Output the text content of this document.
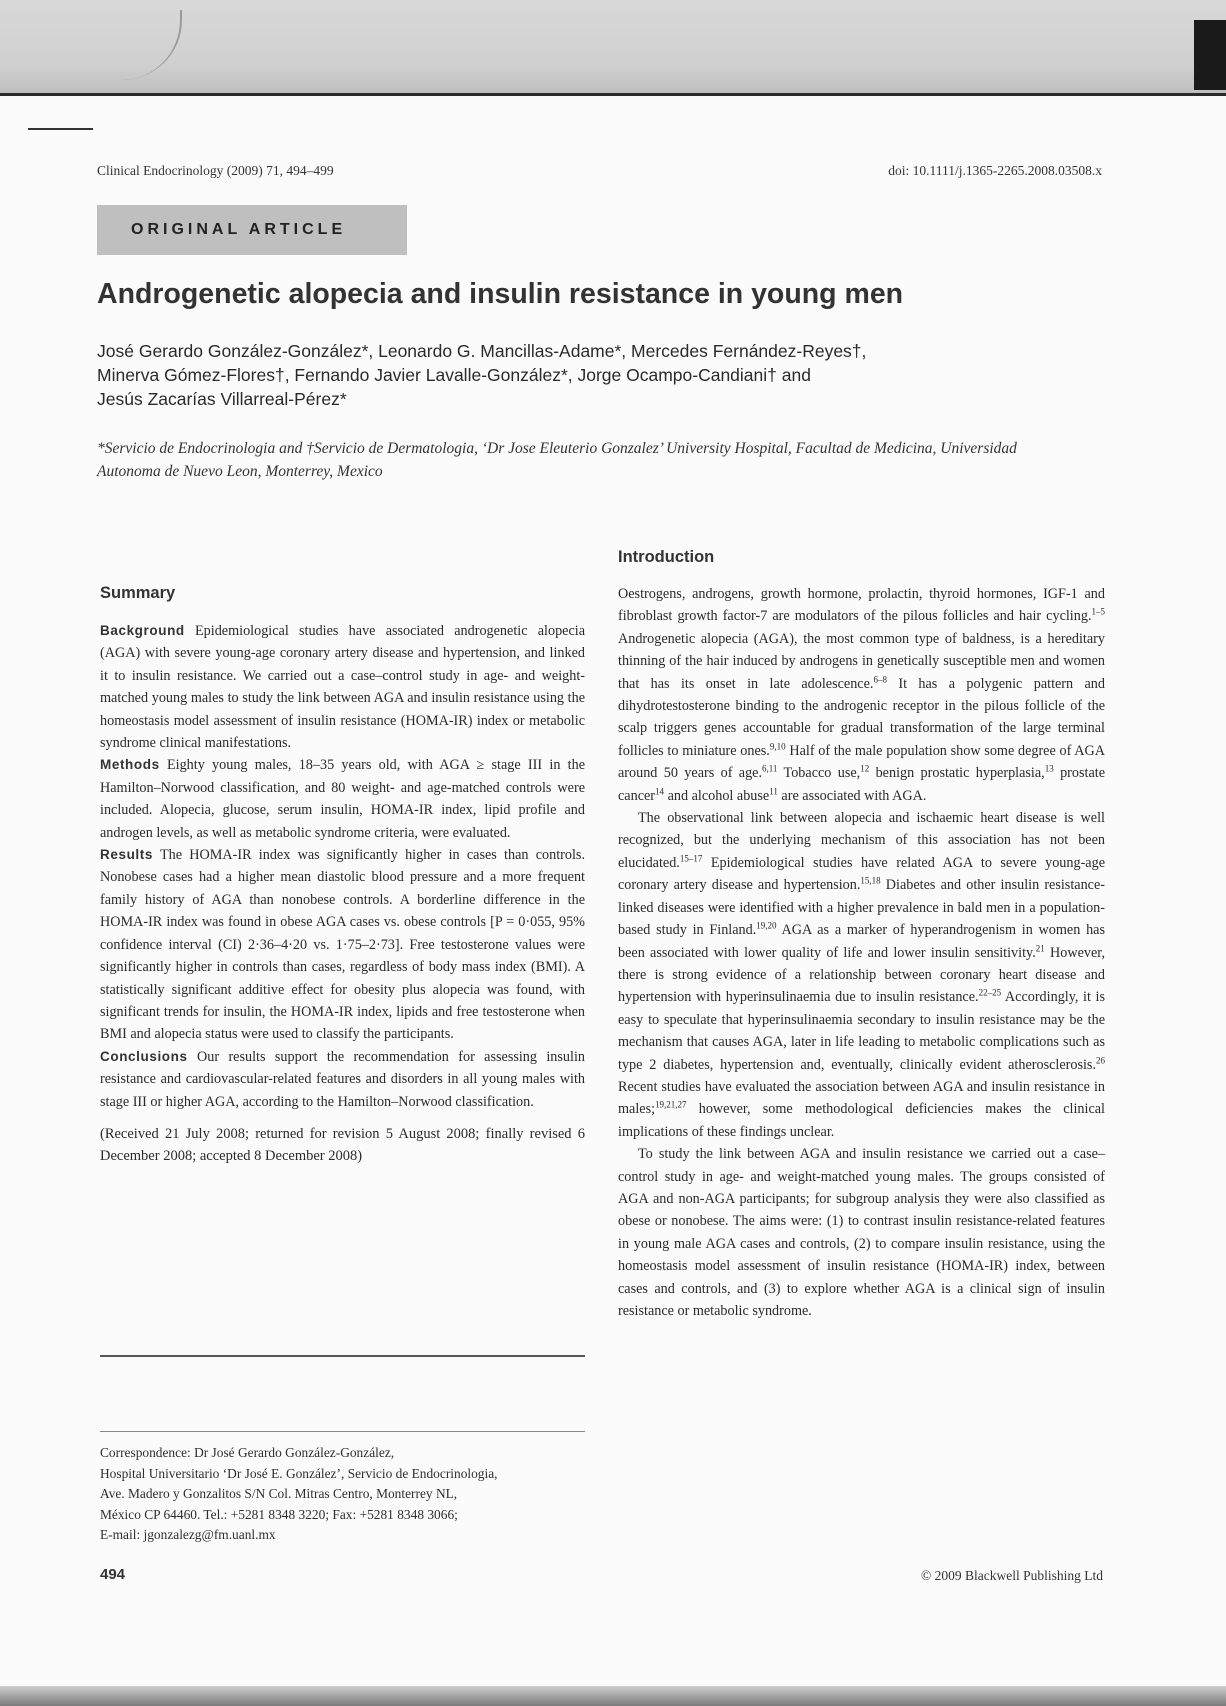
Clinical Endocrinology (2009) 71, 494–499	doi: 10.1111/j.1365-2265.2008.03508.x
ORIGINAL ARTICLE
Androgenetic alopecia and insulin resistance in young men
José Gerardo González-González*, Leonardo G. Mancillas-Adame*, Mercedes Fernández-Reyes†,
Minerva Gómez-Flores†, Fernando Javier Lavalle-González*, Jorge Ocampo-Candiani† and
Jesús Zacarías Villarreal-Pérez*
*Servicio de Endocrinologia and †Servicio de Dermatologia, ‘Dr Jose Eleuterio Gonzalez’ University Hospital, Facultad de Medicina, Universidad Autonoma de Nuevo Leon, Monterrey, Mexico
Summary

Background Epidemiological studies have associated androgenetic alopecia (AGA) with severe young-age coronary artery disease and hypertension, and linked it to insulin resistance. We carried out a case–control study in age- and weight-matched young males to study the link between AGA and insulin resistance using the homeostasis model assessment of insulin resistance (HOMA-IR) index or metabolic syndrome clinical manifestations.

Methods Eighty young males, 18–35 years old, with AGA ≥ stage III in the Hamilton–Norwood classification, and 80 weight- and age-matched controls were included. Alopecia, glucose, serum insulin, HOMA-IR index, lipid profile and androgen levels, as well as metabolic syndrome criteria, were evaluated.

Results The HOMA-IR index was significantly higher in cases than controls. Nonobese cases had a higher mean diastolic blood pressure and a more frequent family history of AGA than nonobese controls. A borderline difference in the HOMA-IR index was found in obese AGA cases vs. obese controls [P = 0·055, 95% confidence interval (CI) 2·36–4·20 vs. 1·75–2·73]. Free testosterone values were significantly higher in controls than cases, regardless of body mass index (BMI). A statistically significant additive effect for obesity plus alopecia was found, with significant trends for insulin, the HOMA-IR index, lipids and free testosterone when BMI and alopecia status were used to classify the participants.

Conclusions Our results support the recommendation for assessing insulin resistance and cardiovascular-related features and disorders in all young males with stage III or higher AGA, according to the Hamilton–Norwood classification.

(Received 21 July 2008; returned for revision 5 August 2008; finally revised 6 December 2008; accepted 8 December 2008)

Correspondence: Dr José Gerardo González-González,
Hospital Universitario ‘Dr José E. González’, Servicio de Endocrinologia,
Ave. Madero y Gonzalitos S/N Col. Mitras Centro, Monterrey NL,
México CP 64460. Tel.: +5281 8348 3220; Fax: +5281 8348 3066;
E-mail: jgonzalezg@fm.uanl.mx
Introduction

Oestrogens, androgens, growth hormone, prolactin, thyroid hormones, IGF-1 and fibroblast growth factor-7 are modulators of the pilous follicles and hair cycling.$^{1-5}$ Androgenetic alopecia (AGA), the most common type of baldness, is a hereditary thinning of the hair induced by androgens in genetically susceptible men and women that has its onset in late adolescence.$^{6-8}$ It has a polygenic pattern and dihydrotestosterone binding to the androgenic receptor in the pilous follicle of the scalp triggers genes accountable for gradual transformation of the large terminal follicles to miniature ones.$^{9,10}$ Half of the male population show some degree of AGA around 50 years of age.$^{6,11}$ Tobacco use,$^{12}$ benign prostatic hyperplasia,$^{13}$ prostate cancer$^{14}$ and alcohol abuse$^{11}$ are associated with AGA.

The observational link between alopecia and ischaemic heart disease is well recognized, but the underlying mechanism of this association has not been elucidated.$^{15-17}$ Epidemiological studies have related AGA to severe young-age coronary artery disease and hypertension.$^{15,18}$ Diabetes and other insulin resistance-linked diseases were identified with a higher prevalence in bald men in a population-based study in Finland.$^{19,20}$ AGA as a marker of hyperandrogenism in women has been associated with lower quality of life and lower insulin sensitivity.$^{21}$ However, there is strong evidence of a relationship between coronary heart disease and hypertension with hyperinsulinaemia due to insulin resistance.$^{22-25}$ Accordingly, it is easy to speculate that hyperinsulinaemia secondary to insulin resistance may be the mechanism that causes AGA, later in life leading to metabolic complications such as type 2 diabetes, hypertension and, eventually, clinically evident atherosclerosis.$^{26}$ Recent studies have evaluated the association between AGA and insulin resistance in males;$^{19,21,27}$ however, some methodological deficiencies makes the clinical implications of these findings unclear.

To study the link between AGA and insulin resistance we carried out a case–control study in age- and weight-matched young males. The groups consisted of AGA and non-AGA participants; for subgroup analysis they were also classified as obese or nonobese. The aims were: (1) to contrast insulin resistance-related features in young male AGA cases and controls, (2) to compare insulin resistance, using the homeostasis model assessment of insulin resistance (HOMA-IR) index, between cases and controls, and (3) to explore whether AGA is a clinical sign of insulin resistance or metabolic syndrome.

494	© 2009 Blackwell Publishing Ltd
